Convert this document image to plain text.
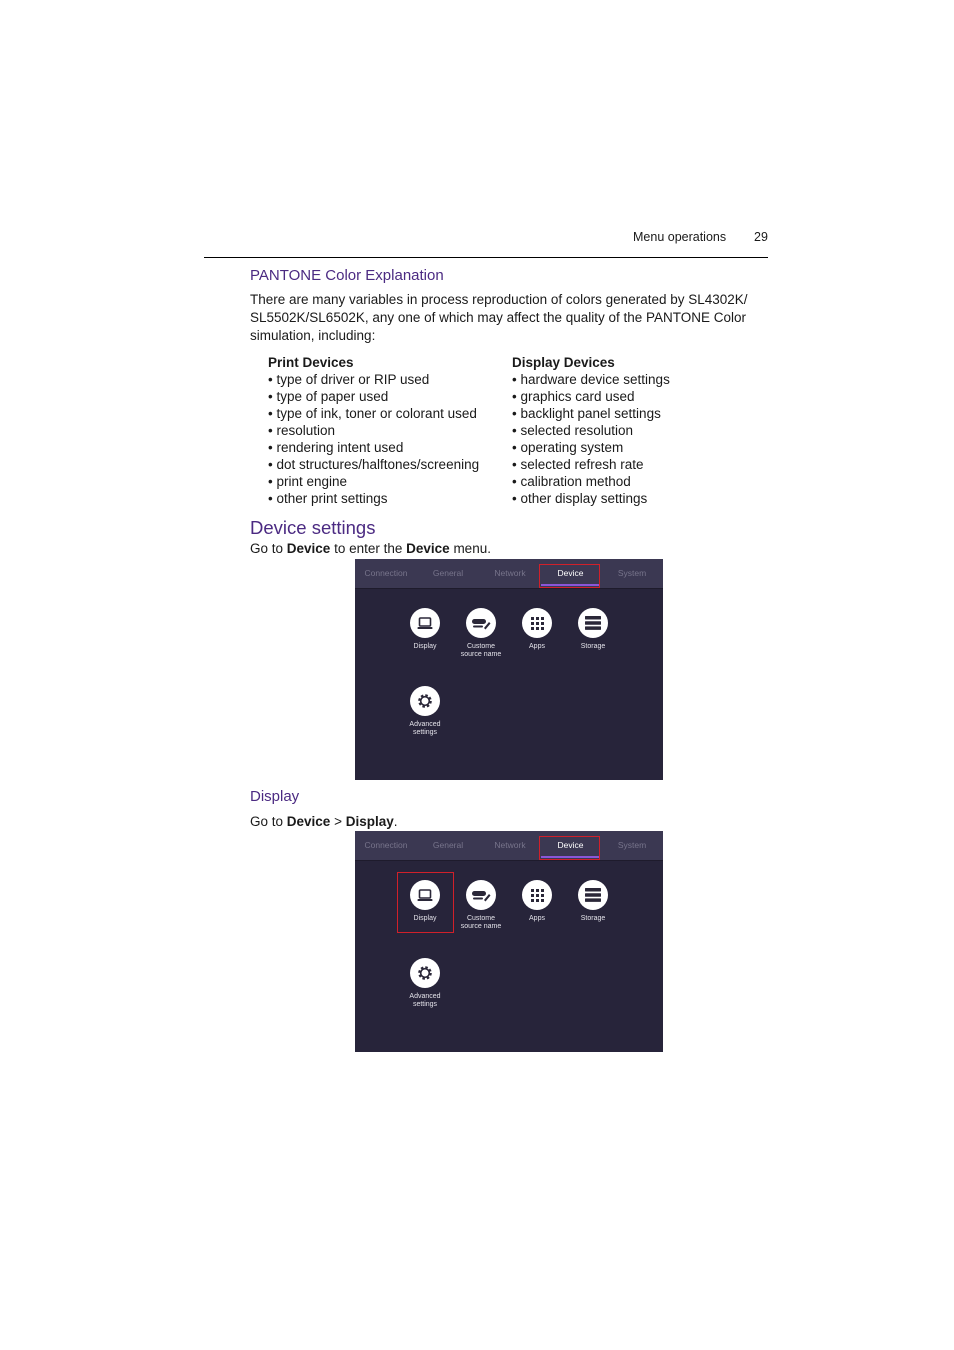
Menu operations 29
PANTONE Color Explanation
There are many variables in process reproduction of colors generated by SL4302K/
SL5502K/SL6502K, any one of which may affect the quality of the PANTONE Color
simulation, including:
Print Devices
• type of driver or RIP used
• type of paper used
• type of ink, toner or colorant used
• resolution
• rendering intent used
• dot structures/halftones/screening
• print engine
• other print settings
Display Devices
• hardware device settings
• graphics card used
• backlight panel settings
• selected resolution
• operating system
• selected refresh rate
• calibration method
• other display settings
Device settings
Go to Device to enter the Device menu.
Connection	General	Network	Device	System
Display	Custome
source name
Apps	Storage
Advanced
settings
Display
Go to Device > Display.
Connection	General	Network	Device	System
Display	Custome
source name
Apps	Storage
Advanced
settings
